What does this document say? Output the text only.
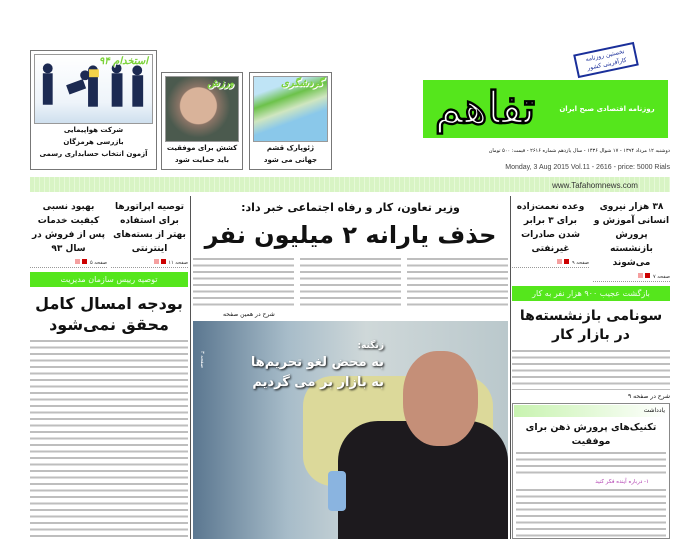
استخدام ۹۴
شرکت هواپیمایی
بازرسی هرمزگان
آزمون انتخاب حسابداری رسمی
ورزش
کشش برای موفقیت
باید حمایت شود
گردشگری
ژئوپارک قشم
جهانی می شود
تفاهم
نخستین روزنامه کارآفرینی کشور
روزنامه اقتصادی صبح ایران
دوشنبه ۱۲ مرداد ۱۳۹۴ - ۱۷ شوال ۱۴۳۶ - سال یازدهم شماره ۲۶۱۶ - قیمت: ۵۰۰ تومان
Monday, 3 Aug 2015 Vol.11 - 2616 - price: 5000 Rials
www.Tafahomnews.com
توصیه اپراتورها برای استفاده بهتر از بسته‌های اینترنتی
صفحه ۱۱
بهبود نسبی کیفیت خدمات پس از فروش در سال ۹۳
صفحه ۵
توصیه رییس سازمان مدیریت
بودجه امسال کامل محقق نمی‌شود
وزیر تعاون، کار و رفاه اجتماعی خبر داد:
حذف یارانه ۲ میلیون نفر
شرح در همین صفحه
صفحه ۳
زنگنه:
به محض لغو تحریم‌ها
به بازار بر می گردیم
۳۸ هزار نیروی انسانی آموزش و پرورش بازنشسته می‌شوند
صفحه ۷
وعده نعمت‌زاده برای ۳ برابر شدن صادرات غیرنفتی
صفحه ۹
بازگشت عجیب ۹۰۰ هزار نفر به کار
سونامی بازنشسته‌ها در بازار کار
شرح در صفحه ۹
یادداشت
تکنیک‌های پرورش ذهن برای موفقیت
۱- درباره آینده فکر کنید
